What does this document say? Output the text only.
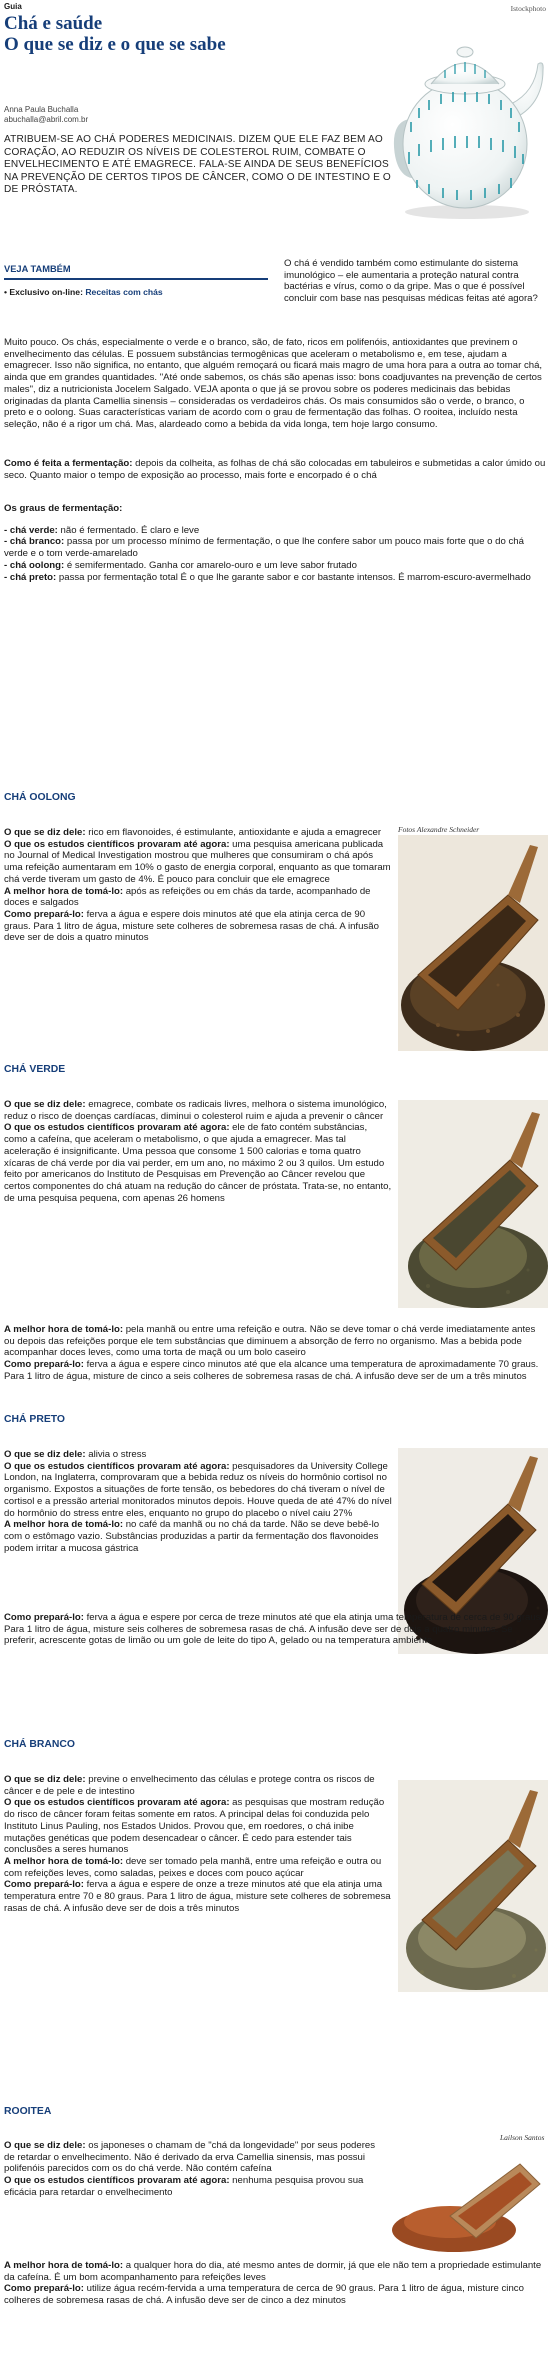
Guia	Istockphoto
Chá e saúde
O que se diz e o que se sabe
Anna Paula Buchalla
abuchalla@abril.com.br
ATRIBUEM-SE AO CHÁ PODERES MEDICINAIS. DIZEM QUE ELE FAZ BEM AO CORAÇÃO, AO REDUZIR OS NÍVEIS DE COLESTEROL RUIM, COMBATE O ENVELHECIMENTO E ATÉ EMAGRECE. FALA-SE AINDA DE SEUS BENEFÍCIOS NA PREVENÇÃO DE CERTOS TIPOS DE CÂNCER, COMO O DE INTESTINO E O DE PRÓSTATA.
VEJA TAMBÉM
• Exclusivo on-line: Receitas com chás
O chá é vendido também como estimulante do sistema imunológico – ele aumentaria a proteção natural contra bactérias e vírus, como o da gripe. Mas o que é possível concluir com base nas pesquisas médicas feitas até agora?
Muito pouco. Os chás, especialmente o verde e o branco, são, de fato, ricos em polifenóis, antioxidantes que previnem o envelhecimento das células. E possuem substâncias termogênicas que aceleram o metabolismo e, em tese, ajudam a emagrecer. Isso não significa, no entanto, que alguém remoçará ou ficará mais magro de uma hora para a outra ao tomar chá, ainda que em grandes quantidades. "Até onde sabemos, os chás são apenas isso: bons coadjuvantes na prevenção de certos males", diz a nutricionista Jocelem Salgado. VEJA aponta o que já se provou sobre os poderes medicinais das bebidas originadas da planta Camellia sinensis – consideradas os verdadeiros chás. Os mais consumidos são o verde, o branco, o preto e o oolong. Suas características variam de acordo com o grau de fermentação das folhas. O rooitea, incluído nesta seleção, não é a rigor um chá. Mas, alardeado como a bebida da vida longa, tem hoje largo consumo.
Como é feita a fermentação: depois da colheita, as folhas de chá são colocadas em tabuleiros e submetidas a calor úmido ou seco. Quanto maior o tempo de exposição ao processo, mais forte e encorpado é o chá
Os graus de fermentação:
- chá verde: não é fermentado. É claro e leve
- chá branco: passa por um processo mínimo de fermentação, o que lhe confere sabor um pouco mais forte que o do chá verde e o tom verde-amarelado
- chá oolong: é semifermentado. Ganha cor amarelo-ouro e um leve sabor frutado
- chá preto: passa por fermentação total É o que lhe garante sabor e cor bastante intensos. É marrom-escuro-avermelhado
CHÁ OOLONG
Fotos Alexandre Schneider
O que se diz dele: rico em flavonoides, é estimulante, antioxidante e ajuda a emagrecer
O que os estudos científicos provaram até agora: uma pesquisa americana publicada no Journal of Medical Investigation mostrou que mulheres que consumiram o chá após uma refeição aumentaram em 10% o gasto de energia corporal, enquanto as que tomaram chá verde tiveram um gasto de 4%. É pouco para concluir que ele emagrece
A melhor hora de tomá-lo: após as refeições ou em chás da tarde, acompanhado de doces e salgados
Como prepará-lo: ferva a água e espere dois minutos até que ela atinja cerca de 90 graus. Para 1 litro de água, misture sete colheres de sobremesa rasas de chá. A infusão deve ser de dois a quatro minutos
CHÁ VERDE
O que se diz dele: emagrece, combate os radicais livres, melhora o sistema imunológico, reduz o risco de doenças cardíacas, diminui o colesterol ruim e ajuda a prevenir o câncer
O que os estudos científicos provaram até agora: ele de fato contém substâncias, como a cafeína, que aceleram o metabolismo, o que ajuda a emagrecer. Mas tal aceleração é insignificante. Uma pessoa que consome 1 500 calorias e toma quatro xícaras de chá verde por dia vai perder, em um ano, no máximo 2 ou 3 quilos. Um estudo feito por americanos do Instituto de Pesquisas em Prevenção ao Câncer revelou que certos componentes do chá atuam na redução do câncer de próstata. Trata-se, no entanto, de uma pesquisa pequena, com apenas 26 homens
A melhor hora de tomá-lo: pela manhã ou entre uma refeição e outra. Não se deve tomar o chá verde imediatamente antes ou depois das refeições porque ele tem substâncias que diminuem a absorção de ferro no organismo. Mas a bebida pode acompanhar doces leves, como uma torta de maçã ou um bolo caseiro
Como prepará-lo: ferva a água e espere cinco minutos até que ela alcance uma temperatura de aproximadamente 70 graus. Para 1 litro de água, misture de cinco a seis colheres de sobremesa rasas de chá. A infusão deve ser de um a três minutos
CHÁ PRETO
O que se diz dele: alivia o stress
O que os estudos científicos provaram até agora: pesquisadores da University College London, na Inglaterra, comprovaram que a bebida reduz os níveis do hormônio cortisol no organismo. Expostos a situações de forte tensão, os bebedores do chá tiveram o nível de cortisol e a pressão arterial monitorados minutos depois. Houve queda de até 47% do nível do hormônio do stress entre eles, enquanto no grupo do placebo o nível caiu 27%
A melhor hora de tomá-lo: no café da manhã ou no chá da tarde. Não se deve bebê-lo com o estômago vazio. Substâncias produzidas a partir da fermentação dos flavonoides podem irritar a mucosa gástrica
Como prepará-lo: ferva a água e espere por cerca de treze minutos até que ela atinja uma temperatura de cerca de 90 graus. Para 1 litro de água, misture seis colheres de sobremesa rasas de chá. A infusão deve ser de dois a quatro minutos. Se preferir, acrescente gotas de limão ou um gole de leite do tipo A, gelado ou na temperatura ambiente
CHÁ BRANCO
O que se diz dele: previne o envelhecimento das células e protege contra os riscos de câncer e de pele e de intestino
O que os estudos científicos provaram até agora: as pesquisas que mostram redução do risco de câncer foram feitas somente em ratos. A principal delas foi conduzida pelo Instituto Linus Pauling, nos Estados Unidos. Provou que, em roedores, o chá inibe mutações genéticas que podem desencadear o câncer. É cedo para estender tais conclusões a seres humanos
A melhor hora de tomá-lo: deve ser tomado pela manhã, entre uma refeição e outra ou com refeições leves, como saladas, peixes e doces com pouco açúcar
Como prepará-lo: ferva a água e espere de onze a treze minutos até que ela atinja uma temperatura entre 70 e 80 graus. Para 1 litro de água, misture sete colheres de sobremesa rasas de chá. A infusão deve ser de dois a três minutos
ROOITEA
Lailson Santos
O que se diz dele: os japoneses o chamam de "chá da longevidade" por seus poderes de retardar o envelhecimento. Não é derivado da erva Camellia sinensis, mas possui polifenóis parecidos com os do chá verde. Não contém cafeína
O que os estudos científicos provaram até agora: nenhuma pesquisa provou sua eficácia para retardar o envelhecimento
A melhor hora de tomá-lo: a qualquer hora do dia, até mesmo antes de dormir, já que ele não tem a propriedade estimulante da cafeína. É um bom acompanhamento para refeições leves
Como prepará-lo: utilize água recém-fervida a uma temperatura de cerca de 90 graus. Para 1 litro de água, misture cinco colheres de sobremesa rasas de chá. A infusão deve ser de cinco a dez minutos
